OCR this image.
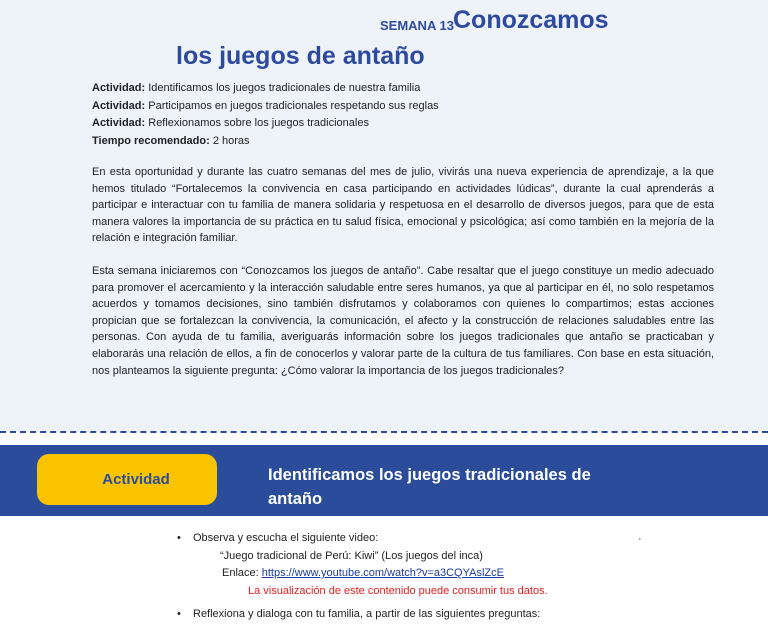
SEMANA 13 Conozcamos
los juegos de antaño
Actividad: Identificamos los juegos tradicionales de nuestra familia
Actividad: Participamos en juegos tradicionales respetando sus reglas
Actividad: Reflexionamos sobre los juegos tradicionales
Tiempo recomendado: 2 horas

En esta oportunidad y durante las cuatro semanas del mes de julio, vivirás una nueva experiencia de aprendizaje, a la que hemos titulado “Fortalecemos la convivencia en casa participando en actividades lúdicas”, durante la cual aprenderás a participar e interactuar con tu familia de manera solidaria y respetuosa en el desarrollo de diversos juegos, para que de esta manera valores la importancia de su práctica en tu salud física, emocional y psicológica; así como también en la mejoría de la relación e integración familiar.

Esta semana iniciaremos con “Conozcamos los juegos de antaño”. Cabe resaltar que el juego constituye un medio adecuado para promover el acercamiento y la interacción saludable entre seres humanos, ya que al participar en él, no solo respetamos acuerdos y tomamos decisiones, sino también disfrutamos y colaboramos con quienes lo compartimos; estas acciones propician que se fortalezcan la convivencia, la comunicación, el afecto y la construcción de relaciones saludables entre las personas. Con ayuda de tu familia, averiguarás información sobre los juegos tradicionales que antaño se practicaban y elaborarás una relación de ellos, a fin de conocerlos y valorar parte de la cultura de tus familiares. Con base en esta situación, nos planteamos la siguiente pregunta: ¿Cómo valorar la importancia de los juegos tradicionales?

Actividad	Identificamos los juegos tradicionales de antaño
·
• Observa y escucha el siguiente video:
“Juego tradicional de Perú: Kiwi” (Los juegos del inca)
Enlace: https://www.youtube.com/watch?v=a3CQYAslZcE
La visualización de este contenido puede consumir tus datos.
• Reflexiona y dialoga con tu familia, a partir de las siguientes preguntas:
